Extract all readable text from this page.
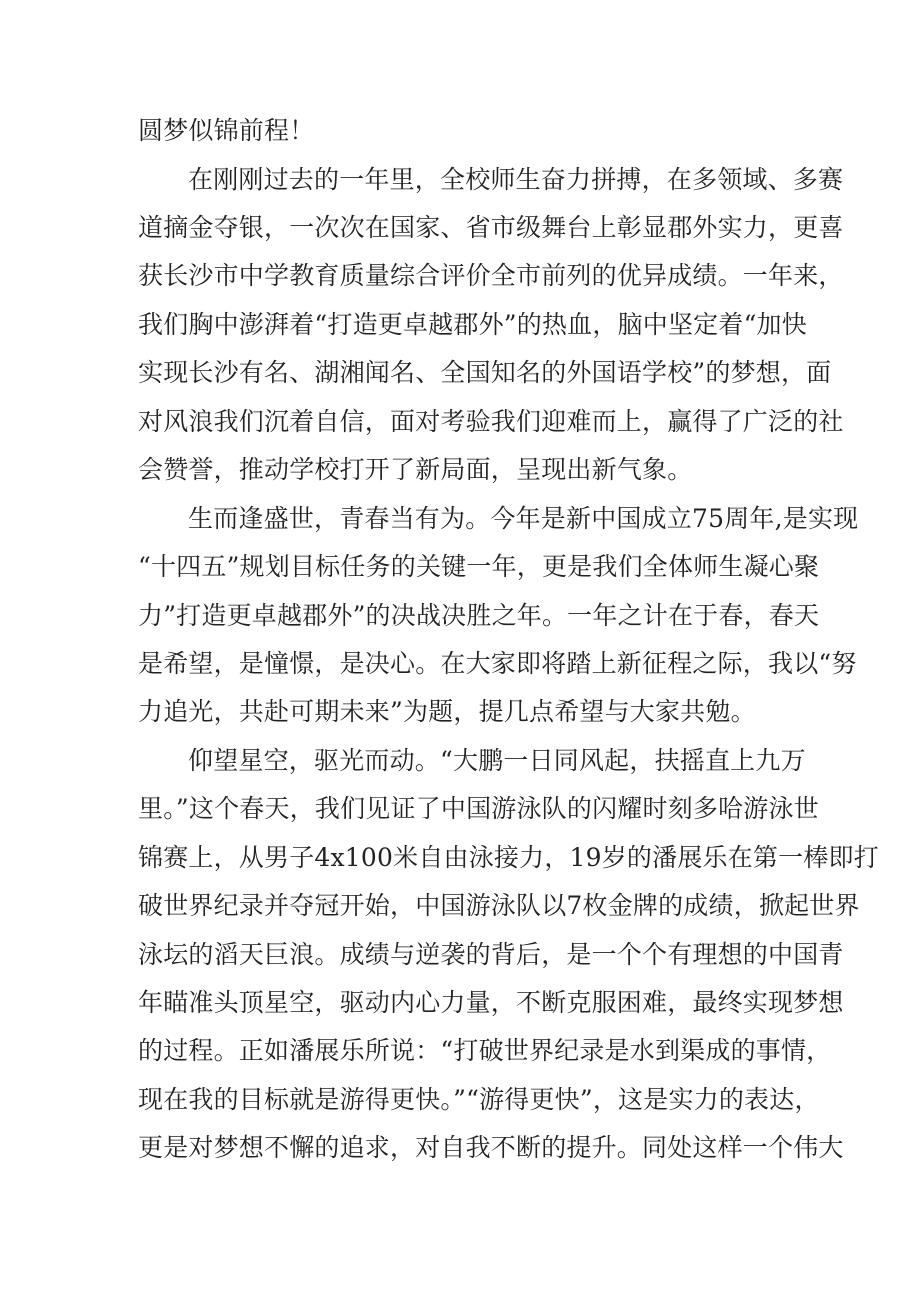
圆梦似锦前程！
在刚刚过去的一年里，全校师生奋力拼搏，在多领域、多赛
道摘金夺银，一次次在国家、省市级舞台上彰显郡外实力，更喜
获长沙市中学教育质量综合评价全市前列的优异成绩。一年来，
我们胸中澎湃着“打造更卓越郡外”的热血，脑中坚定着“加快
实现长沙有名、湖湘闻名、全国知名的外国语学校”的梦想，面
对风浪我们沉着自信，面对考验我们迎难而上，赢得了广泛的社
会赞誉，推动学校打开了新局面，呈现出新气象。
生而逢盛世，青春当有为。今年是新中国成立75周年,是实现
“十四五”规划目标任务的关键一年，更是我们全体师生凝心聚
力”打造更卓越郡外”的决战决胜之年。一年之计在于春，春天
是希望，是憧憬，是决心。在大家即将踏上新征程之际，我以“努
力追光，共赴可期未来”为题，提几点希望与大家共勉。
仰望星空，驱光而动。“大鹏一日同风起，扶摇直上九万
里。”这个春天，我们见证了中国游泳队的闪耀时刻多哈游泳世
锦赛上，从男子4x100米自由泳接力，19岁的潘展乐在第一棒即打
破世界纪录并夺冠开始，中国游泳队以7枚金牌的成绩，掀起世界
泳坛的滔天巨浪。成绩与逆袭的背后，是一个个有理想的中国青
年瞄准头顶星空，驱动内心力量，不断克服困难，最终实现梦想
的过程。正如潘展乐所说：“打破世界纪录是水到渠成的事情，
现在我的目标就是游得更快。”“游得更快”，这是实力的表达，
更是对梦想不懈的追求，对自我不断的提升。同处这样一个伟大
